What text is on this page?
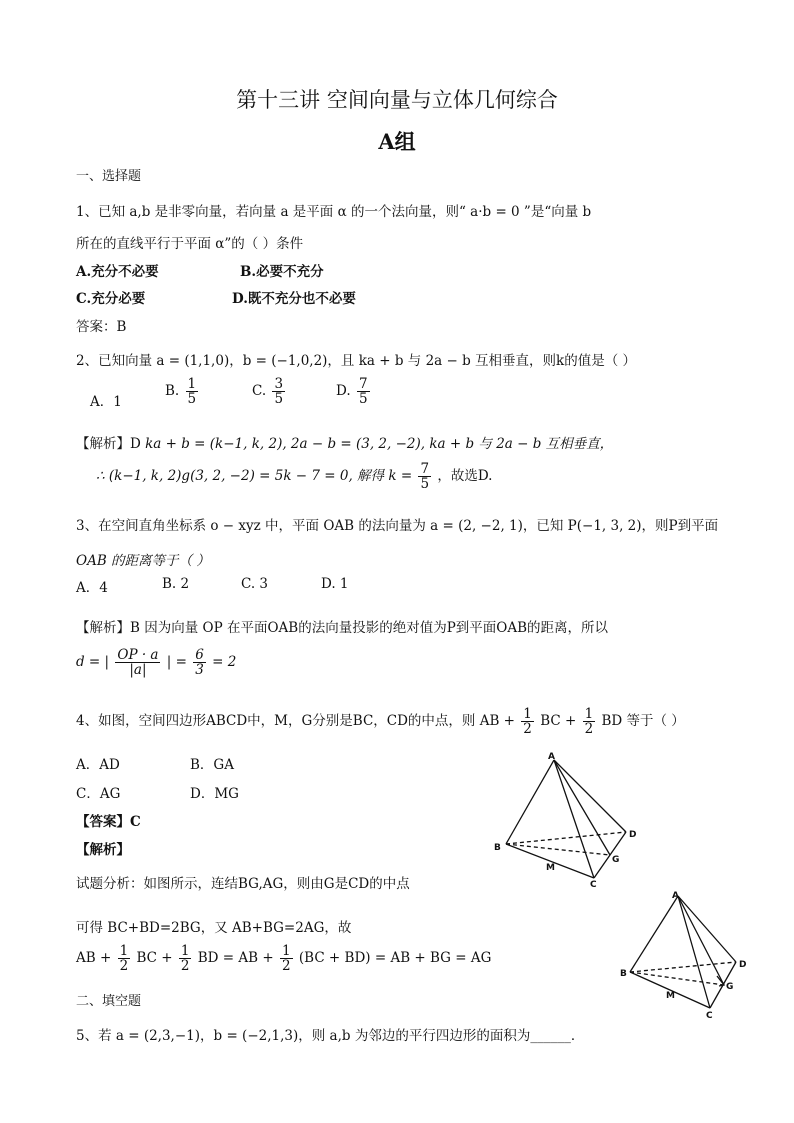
第十三讲 空间向量与立体几何综合
A组
一、选择题
1、已知 a,b 是非零向量，若向量 a 是平面 α 的一个法向量，则“ a·b = 0 ”是“向量 b
所在的直线平行于平面 α”的（ ）条件
A.充分不必要	B.必要不充分
C.充分必要	D.既不充分也不必要
答案：B
2、已知向量 a = (1,1,0)，b = (−1,0,2)，且 ka + b 与 2a − b 互相垂直，则k的值是（ ）
A．1
B. $\frac{1}{5}$	C. $\frac{3}{5}$	D. $\frac{7}{5}$
【解析】D ka + b = (k−1, k, 2), 2a − b = (3, 2, −2), ka + b 与 2a − b 互相垂直，
∴ (k−1, k, 2)g(3, 2, −2) = 5k − 7 = 0, 解得 $k = \frac{7}{5}$ ，故选D.
3、在空间直角坐标系 o − xyz 中，平面 OAB 的法向量为 a = (2, −2, 1)，已知 P(−1, 3, 2)，则P到平面
OAB 的距离等于（ ）
A．4	B. 2	C. 3	D. 1
【解析】B 因为向量 OP 在平面OAB的法向量投影的绝对值为P到平面OAB的距离，所以
d = | $\frac{OP \cdot a}{|a|}$ | = $\frac{6}{3} = 2$
4、如图，空间四边形ABCD中，M，G分别是BC，CD的中点，则 AB + $\frac{1}{2}$ BC + $\frac{1}{2}$ BD 等于（ ）
A．AD	B．GA
C．AG	D．MG
【答案】C
【解析】
试题分析：如图所示，连结BG,AG，则由G是CD的中点
可得 BC+BD=2BG，又 AB+BG=2AG，故
AB + $\frac{1}{2}$ BC + $\frac{1}{2}$ BD = AB + $\frac{1}{2} (BC + BD)$ = AB + BG = AG
二、填空题
5、若 a = (2,3,−1)，b = (−2,1,3)，则 a,b 为邻边的平行四边形的面积为______．
A
B
C
D
M
G
A
B
C
D
M
G
